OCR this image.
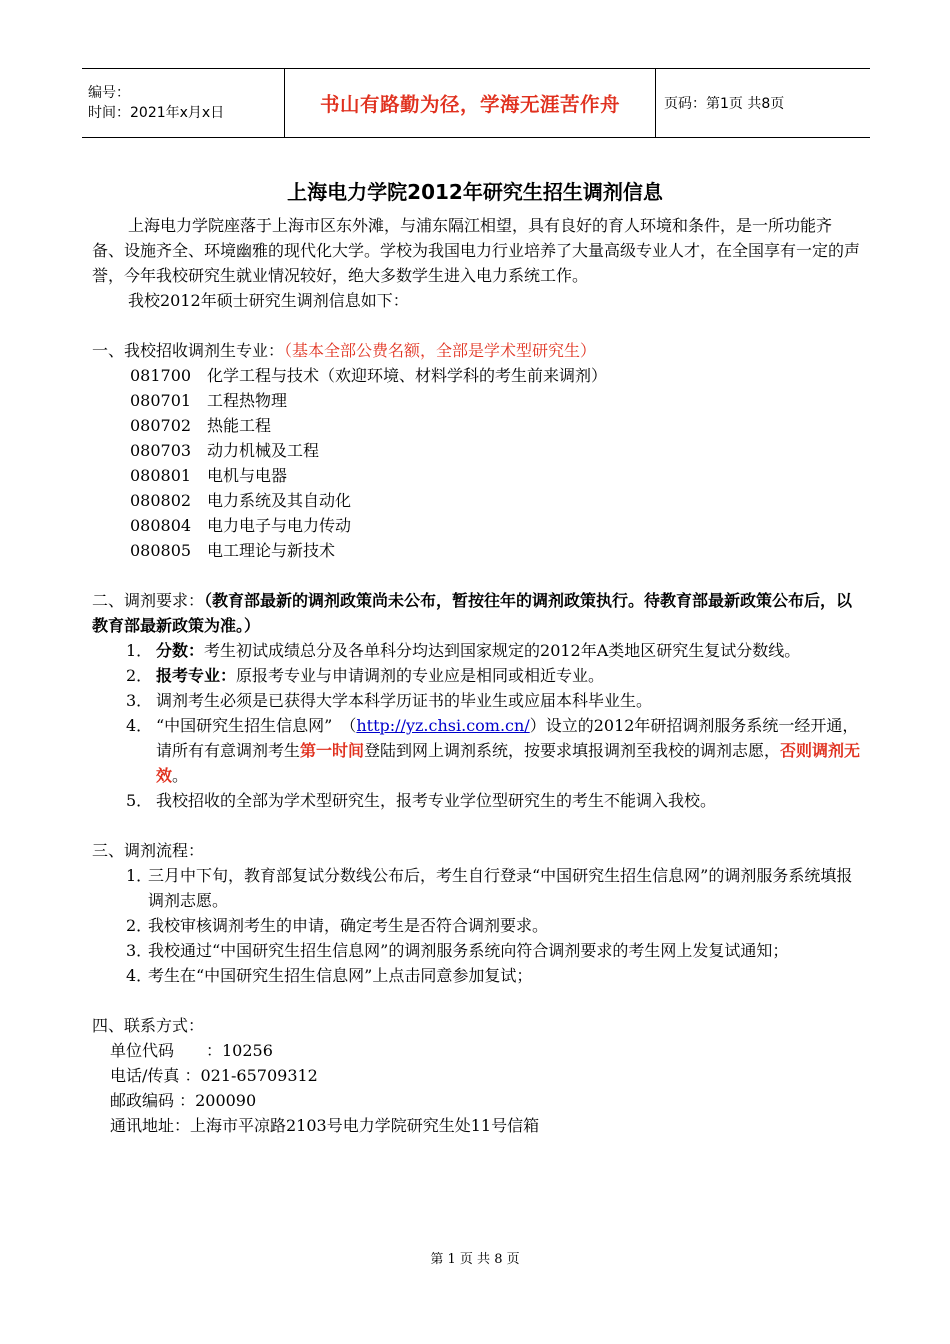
编号：
时间：2021年x月x日	书山有路勤为径，学海无涯苦作舟	页码：第1页 共8页
上海电力学院2012年研究生招生调剂信息

上海电力学院座落于上海市区东外滩，与浦东隔江相望，具有良好的育人环境和条件，是一所功能齐备、设施齐全、环境幽雅的现代化大学。学校为我国电力行业培养了大量高级专业人才，在全国享有一定的声誉，今年我校研究生就业情况较好，绝大多数学生进入电力系统工作。

我校2012年硕士研究生调剂信息如下：

一、我校招收调剂生专业：（基本全部公费名额，全部是学术型研究生）

081700 化学工程与技术（欢迎环境、材料学科的考生前来调剂）
080701 工程热物理
080702 热能工程
080703 动力机械及工程
080801 电机与电器
080802 电力系统及其自动化
080804 电力电子与电力传动
080805 电工理论与新技术

二、调剂要求：（教育部最新的调剂政策尚未公布，暂按往年的调剂政策执行。待教育部最新政策公布后，以教育部最新政策为准。）

1． 分数：考生初试成绩总分及各单科分均达到国家规定的2012年A类地区研究生复试分数线。
2． 报考专业：原报考专业与申请调剂的专业应是相同或相近专业。
3． 调剂考生必须是已获得大学本科学历证书的毕业生或应届本科毕业生。
4． “中国研究生招生信息网”　（http://yz.chsi.com.cn/）设立的2012年研招调剂服务系统一经开通，请所有有意调剂考生第一时间登陆到网上调剂系统，按要求填报调剂至我校的调剂志愿，否则调剂无效。
5． 我校招收的全部为学术型研究生，报考专业学位型研究生的考生不能调入我校。

三、调剂流程：

1．
三月中下旬，教育部复试分数线公布后，考生自行登录“中国研究生招生信息网”的调剂服务系统填报调剂志愿。
2．
我校审核调剂考生的申请，确定考生是否符合调剂要求。
3．
我校通过“中国研究生招生信息网”的调剂服务系统向符合调剂要求的考生网上发复试通知；
4．
考生在“中国研究生招生信息网”上点击同意参加复试；

四、联系方式：

单位代码　　：10256
电话/传真 ：021-65709312
邮政编码 ：200090
通讯地址：上海市平凉路2103号电力学院研究生处11号信箱
第 1 页 共 8 页
